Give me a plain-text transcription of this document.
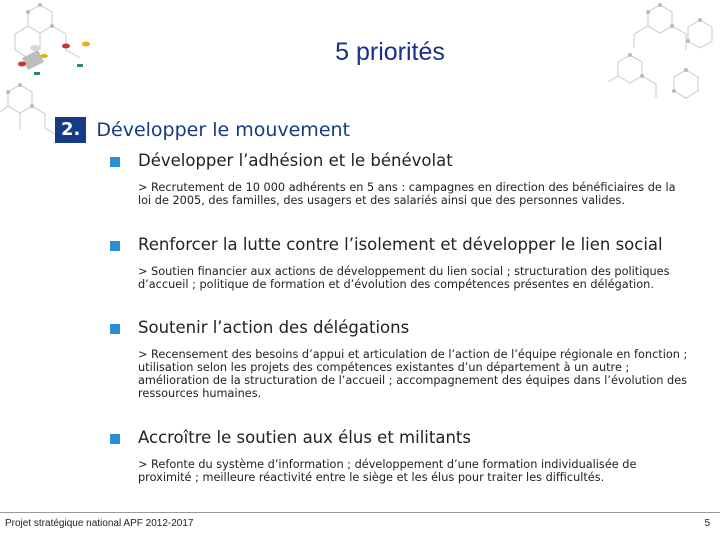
5 priorités
2. Développer le mouvement
Développer l’adhésion et le bénévolat
> Recrutement de 10 000 adhérents en 5 ans : campagnes en direction des bénéficiaires de la loi de 2005, des familles, des usagers et des salariés ainsi que des personnes valides.
Renforcer la lutte contre l’isolement et développer le lien social
> Soutien financier aux actions de développement du lien social ; structuration des politiques d’accueil ; politique de formation et d’évolution des compétences présentes en délégation.
Soutenir l’action des délégations
> Recensement des besoins d’appui et articulation de l’action de l’équipe régionale en fonction ; utilisation selon les projets des compétences existantes d’un département à un autre ; amélioration de la structuration de l’accueil ; accompagnement des équipes dans l’évolution des ressources humaines.
Accroître le soutien aux élus et militants
> Refonte du système d’information ; développement d’une formation individualisée de proximité ; meilleure réactivité entre le siège et les élus pour traiter les difficultés.
Projet stratégique national APF 2012-2017	5
